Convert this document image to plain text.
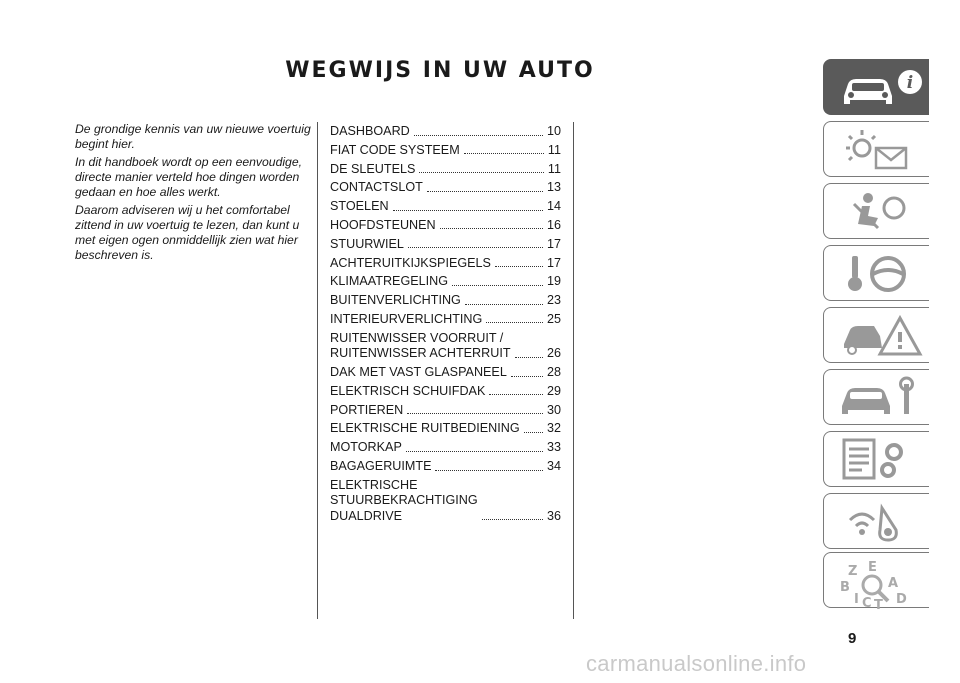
WEGWIJS IN UW AUTO

De grondige kennis van uw nieuwe voertuig begint hier.

In dit handboek wordt op een eenvoudige, directe manier verteld hoe dingen worden gedaan en hoe alles werkt.

Daarom adviseren wij u het comfortabel zittend in uw voertuig te lezen, dan kunt u met eigen ogen onmiddellijk zien wat hier beschreven is.

DASHBOARD	10
FIAT CODE SYSTEEM	11
DE SLEUTELS	11
CONTACTSLOT	13
STOELEN	14
HOOFDSTEUNEN	16
STUURWIEL	17
ACHTERUITKIJKSPIEGELS	17
KLIMAATREGELING	19
BUITENVERLICHTING	23
INTERIEURVERLICHTING	25
RUITENWISSER VOORRUIT /
RUITENWISSER ACHTERRUIT	26
DAK MET VAST GLASPANEEL	28
ELEKTRISCH SCHUIFDAK	29
PORTIEREN	30
ELEKTRISCHE RUITBEDIENING 32
MOTORKAP	33
BAGAGERUIMTE	34
ELEKTRISCHE
STUURBEKRACHTIGING
DUALDRIVE	36
i
Z E
B	A
I C T D
9
carmanualsonline.info
